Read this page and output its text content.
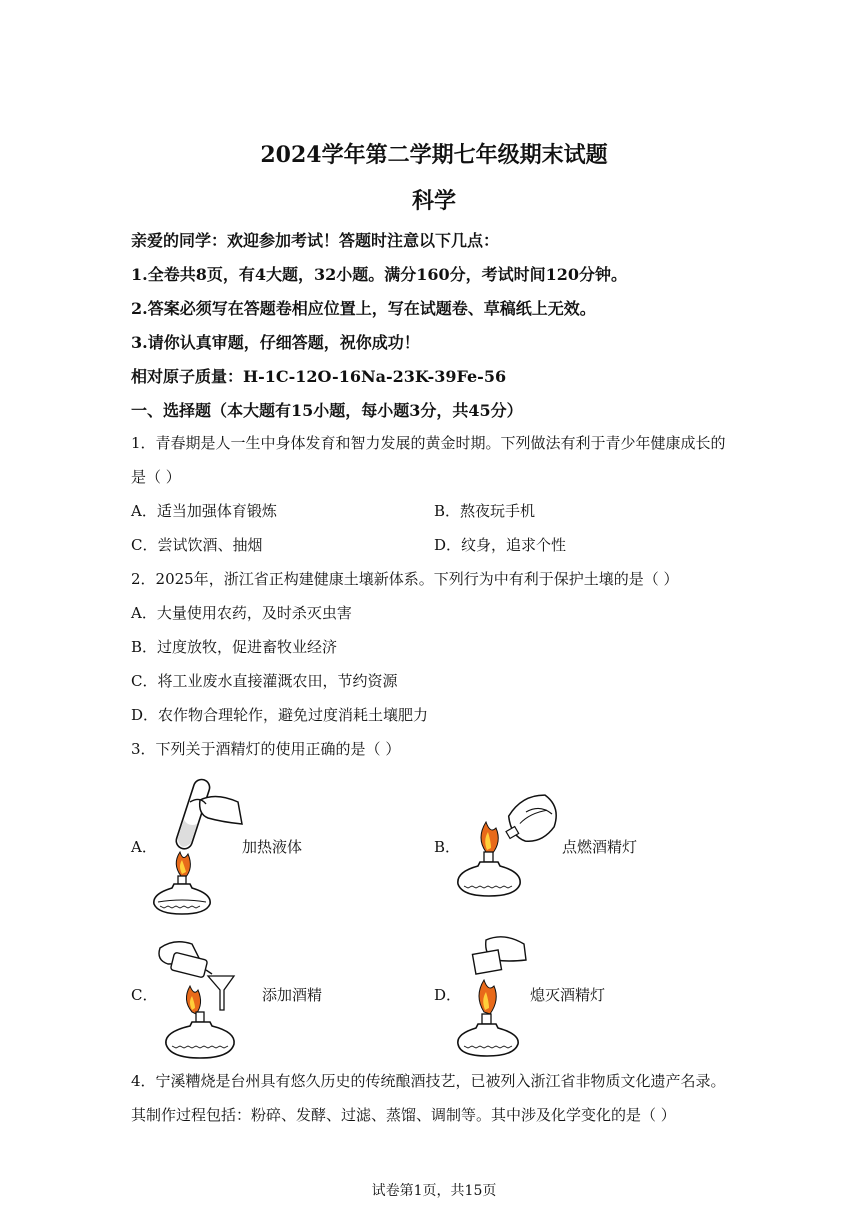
2024学年第二学期七年级期末试题
科学
亲爱的同学：欢迎参加考试！答题时注意以下几点：
1.全卷共8页，有4大题，32小题。满分160分，考试时间120分钟。
2.答案必须写在答题卷相应位置上，写在试题卷、草稿纸上无效。
3.请你认真审题，仔细答题，祝你成功！
相对原子质量：H-1C-12O-16Na-23K-39Fe-56
一、选择题（本大题有15小题，每小题3分，共45分）
1．青春期是人一生中身体发育和智力发展的黄金时期。下列做法有利于青少年健康成长的
是（ ）
A．适当加强体育锻炼	B．熬夜玩手机
C．尝试饮酒、抽烟	D．纹身，追求个性
2．2025年，浙江省正构建健康土壤新体系。下列行为中有利于保护土壤的是（ ）
A．大量使用农药，及时杀灭虫害
B．过度放牧，促进畜牧业经济
C．将工业废水直接灌溉农田，节约资源
D．农作物合理轮作，避免过度消耗土壤肥力
3．下列关于酒精灯的使用正确的是（ ）
A．	加热液体	B．	点燃酒精灯
C．	添加酒精	D．	熄灭酒精灯
4．宁溪糟烧是台州具有悠久历史的传统酿酒技艺，已被列入浙江省非物质文化遗产名录。
其制作过程包括：粉碎、发酵、过滤、蒸馏、调制等。其中涉及化学变化的是（ ）
试卷第1页，共15页
